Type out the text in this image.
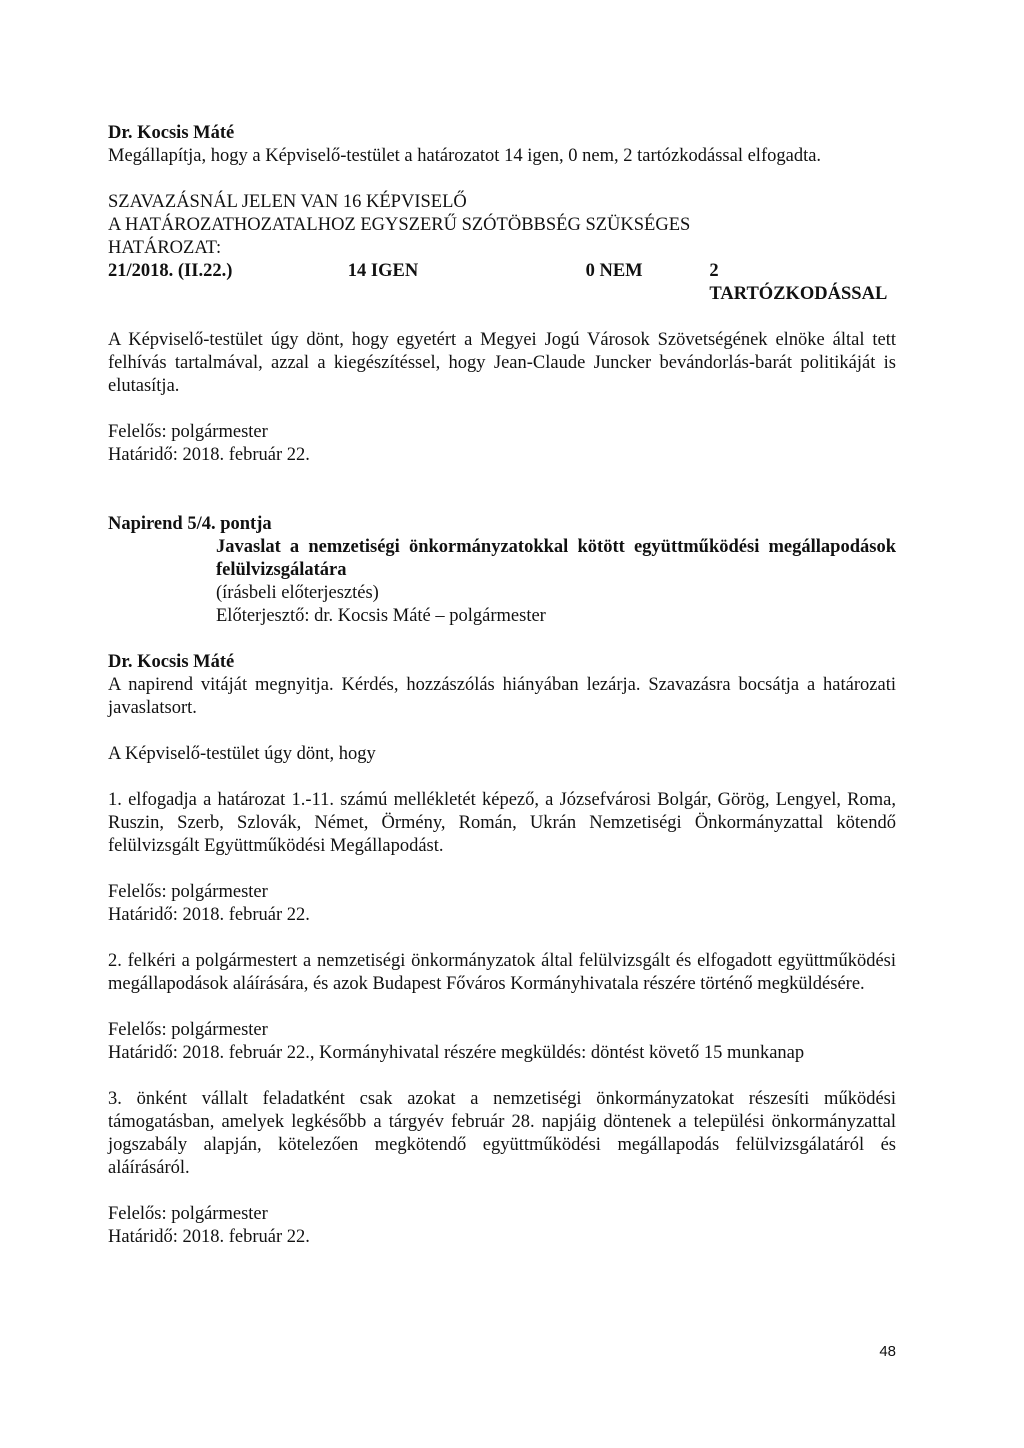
Dr. Kocsis Máté

Megállapítja, hogy a Képviselő-testület a határozatot 14 igen, 0 nem, 2 tartózkodással elfogadta.

SZAVAZÁSNÁL JELEN VAN 16 KÉPVISELŐ

A HATÁROZATHOZATALHOZ EGYSZERŰ SZÓTÖBBSÉG SZÜKSÉGES

HATÁROZAT:

21/2018. (II.22.)	14 IGEN	0 NEM	2 TARTÓZKODÁSSAL

A Képviselő-testület úgy dönt, hogy egyetért a Megyei Jogú Városok Szövetségének elnöke által tett felhívás tartalmával, azzal a kiegészítéssel, hogy Jean-Claude Juncker bevándorlás-barát politikáját is elutasítja.

Felelős: polgármester

Határidő: 2018. február 22.

Napirend 5/4. pontja

Javaslat a nemzetiségi önkormányzatokkal kötött együttműködési megállapodások felülvizsgálatára

(írásbeli előterjesztés)

Előterjesztő: dr. Kocsis Máté – polgármester

Dr. Kocsis Máté

A napirend vitáját megnyitja. Kérdés, hozzászólás hiányában lezárja. Szavazásra bocsátja a határozati javaslatsort.

A Képviselő-testület úgy dönt, hogy

1. elfogadja a határozat 1.-11. számú mellékletét képező, a Józsefvárosi Bolgár, Görög, Lengyel, Roma, Ruszin, Szerb, Szlovák, Német, Örmény, Román, Ukrán Nemzetiségi Önkormányzattal kötendő felülvizsgált Együttműködési Megállapodást.

Felelős: polgármester

Határidő: 2018. február 22.

2. felkéri a polgármestert a nemzetiségi önkormányzatok által felülvizsgált és elfogadott együttműködési megállapodások aláírására, és azok Budapest Főváros Kormányhivatala részére történő megküldésére.

Felelős: polgármester

Határidő: 2018. február 22., Kormányhivatal részére megküldés: döntést követő 15 munkanap

3. önként vállalt feladatként csak azokat a nemzetiségi önkormányzatokat részesíti működési támogatásban, amelyek legkésőbb a tárgyév február 28. napjáig döntenek a települési önkormányzattal jogszabály alapján, kötelezően megkötendő együttműködési megállapodás felülvizsgálatáról és aláírásáról.

Felelős: polgármester

Határidő: 2018. február 22.

48
